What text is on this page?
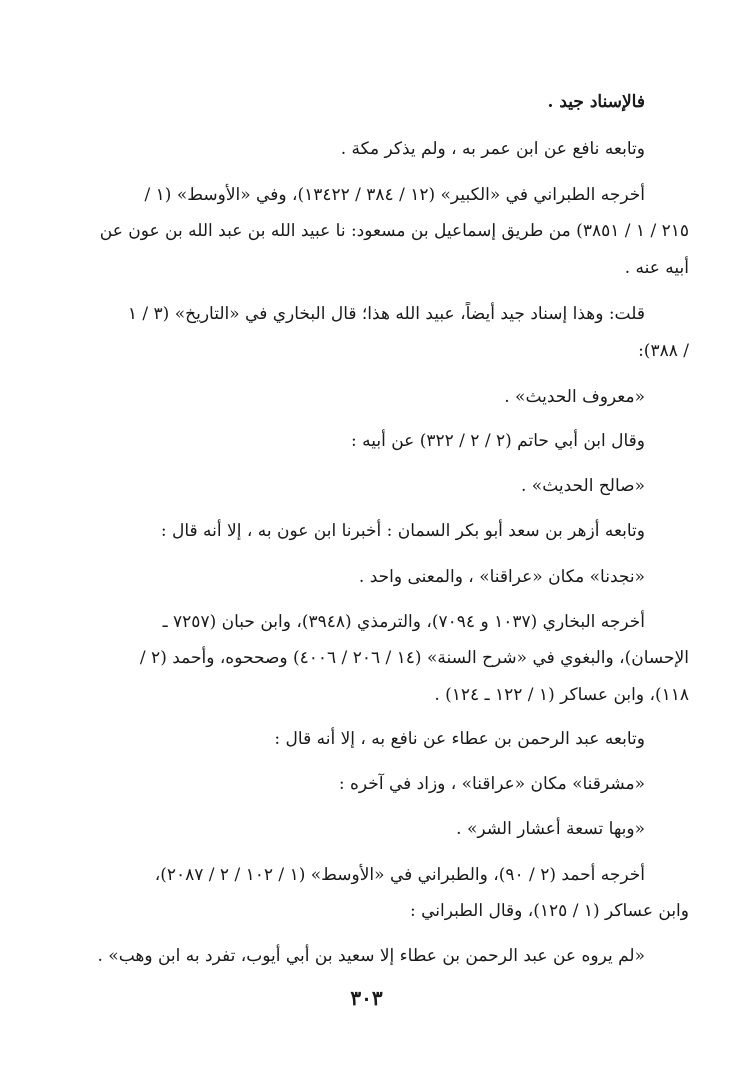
فالإسناد جيد .
وتابعه نافع عن ابن عمر به ، ولم يذكر مكة .
أخرجه الطبراني في «الكبير» (١٢ / ٣٨٤ / ١٣٤٢٢)، وفي «الأوسط» (١ /
٢١٥ / ١ / ٣٨٥١) من طريق إسماعيل بن مسعود: نا عبيد الله بن عبد الله بن عون عن
أبيه عنه .
قلت: وهذا إسناد جيد أيضاً، عبيد الله هذا؛ قال البخاري في «التاريخ» (٣ / ١
/ ٣٨٨):
«معروف الحديث» .
وقال ابن أبي حاتم (٢ / ٢ / ٣٢٢) عن أبيه :
«صالح الحديث» .
وتابعه أزهر بن سعد أبو بكر السمان : أخبرنا ابن عون به ، إلا أنه قال :
«نجدنا» مكان «عراقنا» ، والمعنى واحد .
أخرجه البخاري (١٠٣٧ و ٧٠٩٤)، والترمذي (٣٩٤٨)، وابن حبان (٧٢٥٧ ـ
الإحسان)، والبغوي في «شرح السنة» (١٤ / ٢٠٦ / ٤٠٠٦) وصححوه، وأحمد (٢ /
١١٨)، وابن عساكر (١ / ١٢٢ ـ ١٢٤) .
وتابعه عبد الرحمن بن عطاء عن نافع به ، إلا أنه قال :
«مشرقنا» مكان «عراقنا» ، وزاد في آخره :
«وبها تسعة أعشار الشر» .
أخرجه أحمد (٢ / ٩٠)، والطبراني في «الأوسط» (١ / ١٠٢ / ٢ / ٢٠٨٧)،
وابن عساكر (١ / ١٢٥)، وقال الطبراني :
«لم يروه عن عبد الرحمن بن عطاء إلا سعيد بن أبي أيوب، تفرد به ابن وهب» .
٣٠٣
